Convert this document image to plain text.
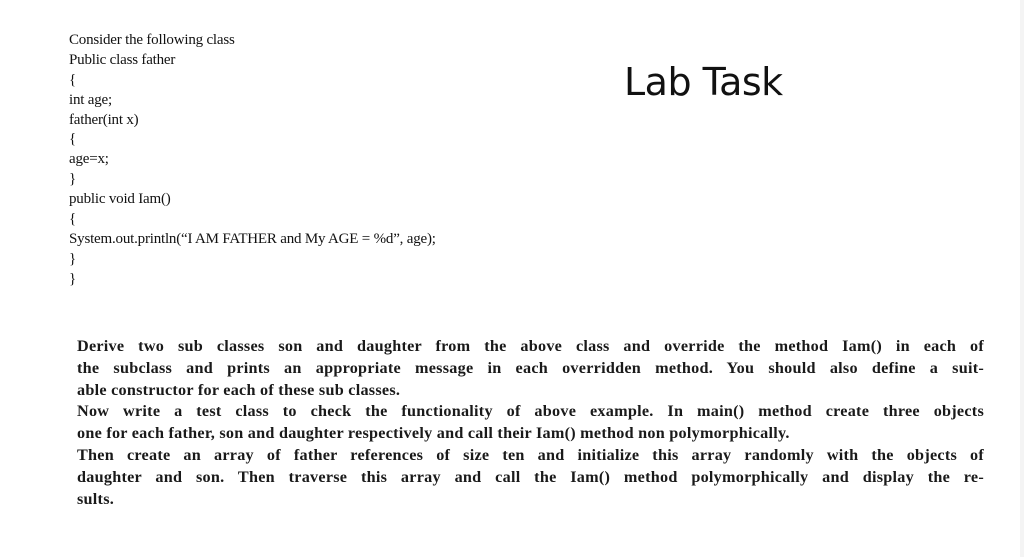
Consider the following class
Public class father
{
int age;
father(int x)
{
age=x;
}
public void Iam()
{
System.out.println(“I AM FATHER and My AGE = %d”, age);
}
}
Lab Task
Derive two sub classes son and daughter from the above class and override the method Iam() in each of
the subclass and prints an appropriate message in each overridden method. You should also define a suit-
able constructor for each of these sub classes.
Now write a test class to check the functionality of above example. In main() method create three objects
one for each father, son and daughter respectively and call their Iam() method non polymorphically.
Then create an array of father references of size ten and initialize this array randomly with the objects of
daughter and son. Then traverse this array and call the Iam() method polymorphically and display the re-
sults.
